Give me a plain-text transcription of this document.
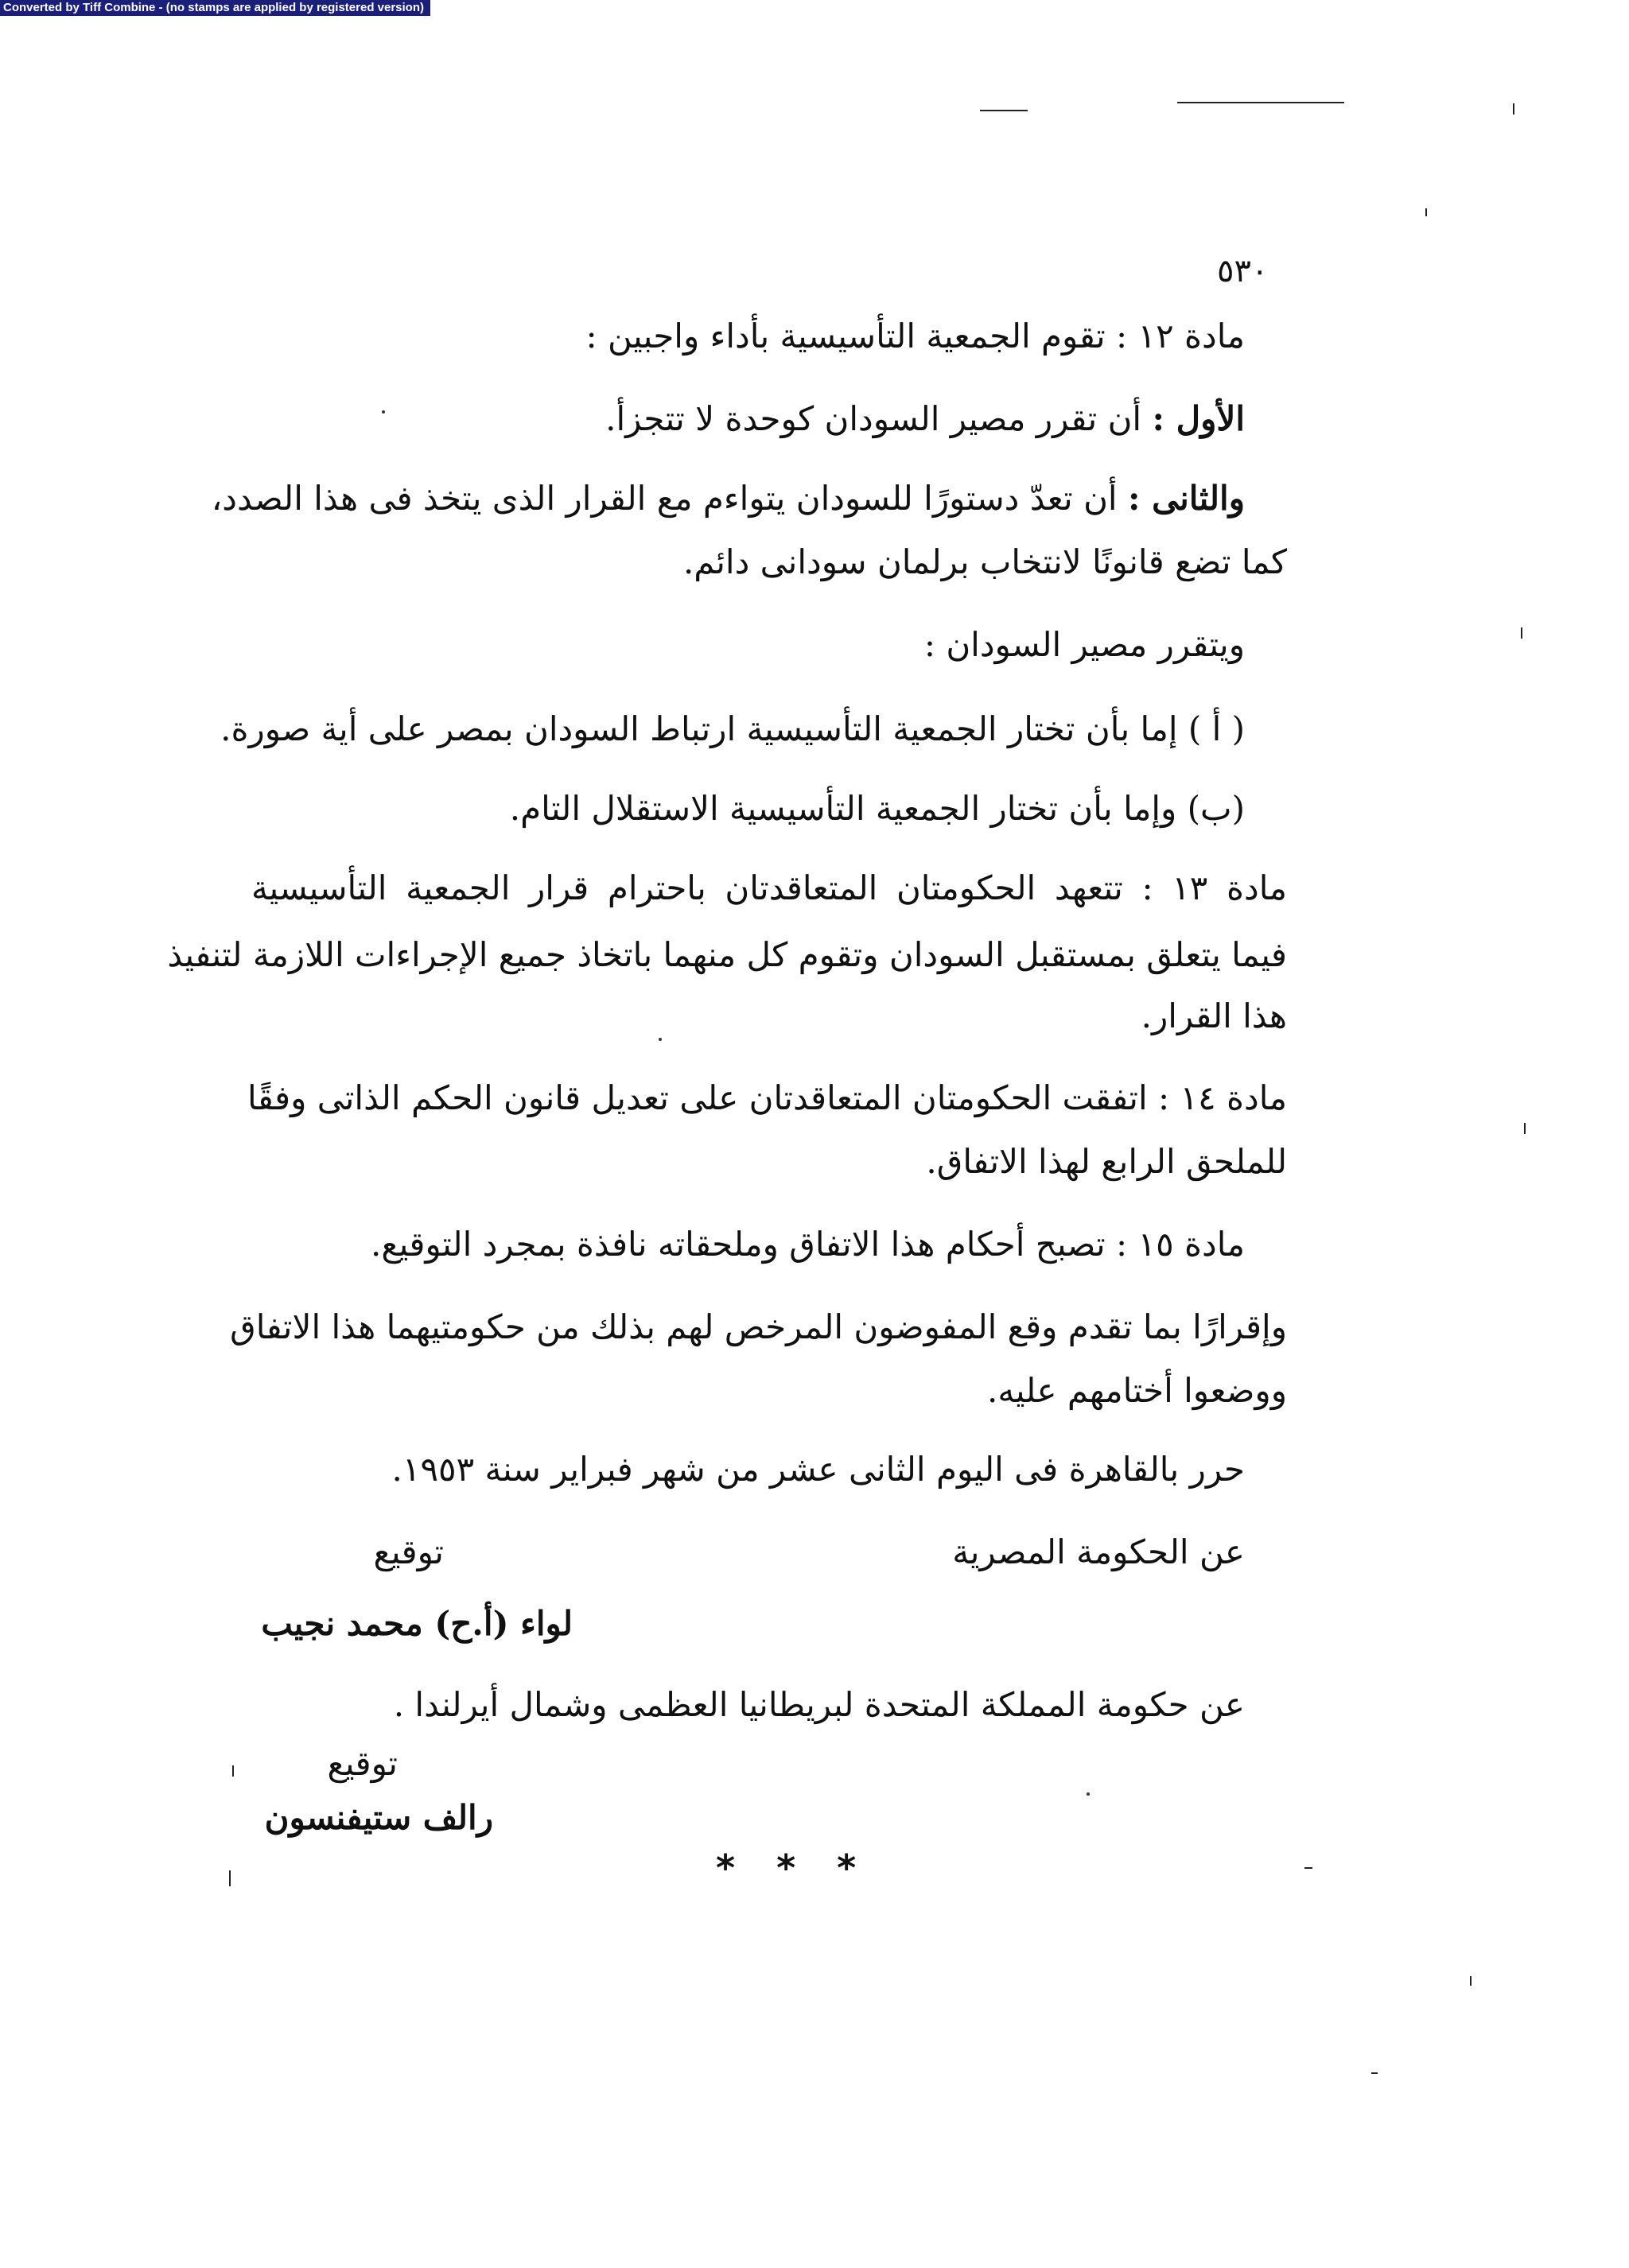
Converted by Tiff Combine - (no stamps are applied by registered version)
٥٣٠
مادة ١٢ : تقوم الجمعية التأسيسية بأداء واجبين :
الأول : أن تقرر مصير السودان كوحدة لا تتجزأ.
والثانى : أن تعدّ دستورًا للسودان يتواءم مع القرار الذى يتخذ فى هذا الصدد،
كما تضع قانونًا لانتخاب برلمان سودانى دائم.
ويتقرر مصير السودان :
( أ ) إما بأن تختار الجمعية التأسيسية ارتباط السودان بمصر على أية صورة.
(ب) وإما بأن تختار الجمعية التأسيسية الاستقلال التام.
مادة ١٣ : تتعهد الحكومتان المتعاقدتان باحترام قرار الجمعية التأسيسية
فيما يتعلق بمستقبل السودان وتقوم كل منهما باتخاذ جميع الإجراءات اللازمة لتنفيذ
هذا القرار.
مادة ١٤ : اتفقت الحكومتان المتعاقدتان على تعديل قانون الحكم الذاتى وفقًا
للملحق الرابع لهذا الاتفاق.
مادة ١٥ : تصبح أحكام هذا الاتفاق وملحقاته نافذة بمجرد التوقيع.
وإقرارًا بما تقدم وقع المفوضون المرخص لهم بذلك من حكومتيهما هذا الاتفاق
ووضعوا أختامهم عليه.
حرر بالقاهرة فى اليوم الثانى عشر من شهر فبراير سنة ١٩٥٣.
عن الحكومة المصرية
توقيع
لواء (أ.ح) محمد نجيب
عن حكومة المملكة المتحدة لبريطانيا العظمى وشمال أيرلندا .
توقيع
رالف ستيفنسون
* * *
